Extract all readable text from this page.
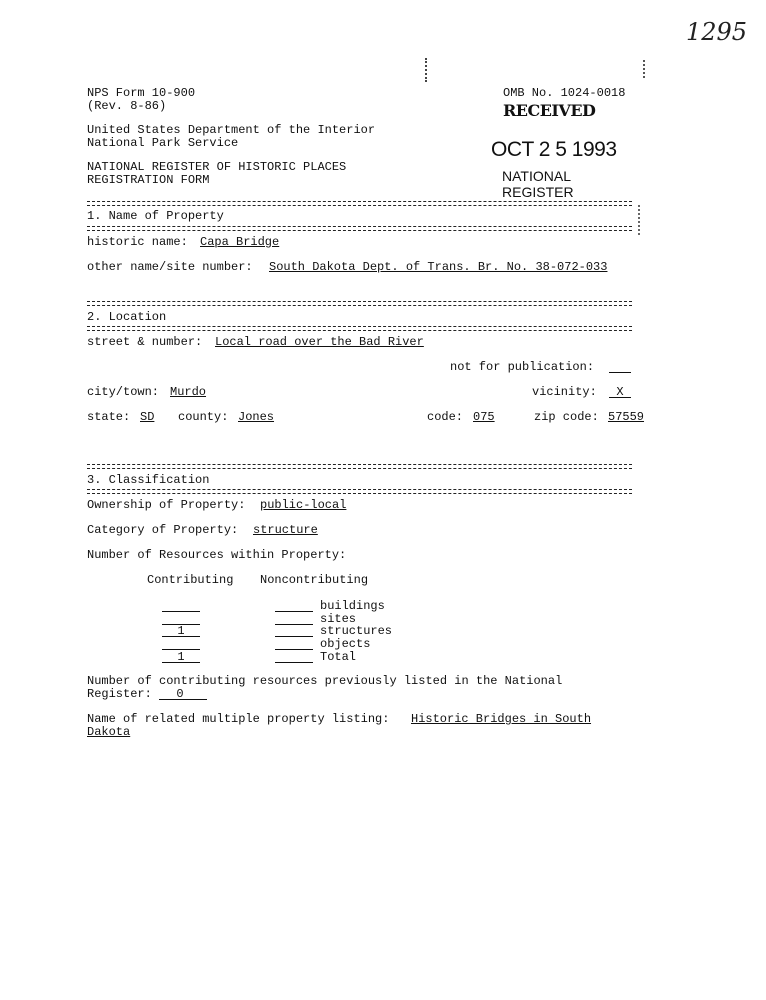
1295
NPS Form 10-900
(Rev. 8-86)
United States Department of the Interior
National Park Service
NATIONAL REGISTER OF HISTORIC PLACES
REGISTRATION FORM
OMB No. 1024-0018
RECEIVED
OCT 2 5 1993
NATIONAL
REGISTER
1. Name of Property
historic name: Capa Bridge
other name/site number: South Dakota Dept. of Trans. Br. No. 38-072-033
2. Location
street & number: Local road over the Bad River
not for publication:
city/town: Murdo	vicinity:	X
state: SD county: Jones	code: 075	zip code: 57559
3. Classification
Ownership of Property: public-local
Category of Property: structure
Number of Resources within Property:
Contributing Noncontributing
buildings
sites
1	structures
objects
1	Total
Number of contributing resources previously listed in the National
Register:	0
Name of related multiple property listing: Historic Bridges in South
Dakota
